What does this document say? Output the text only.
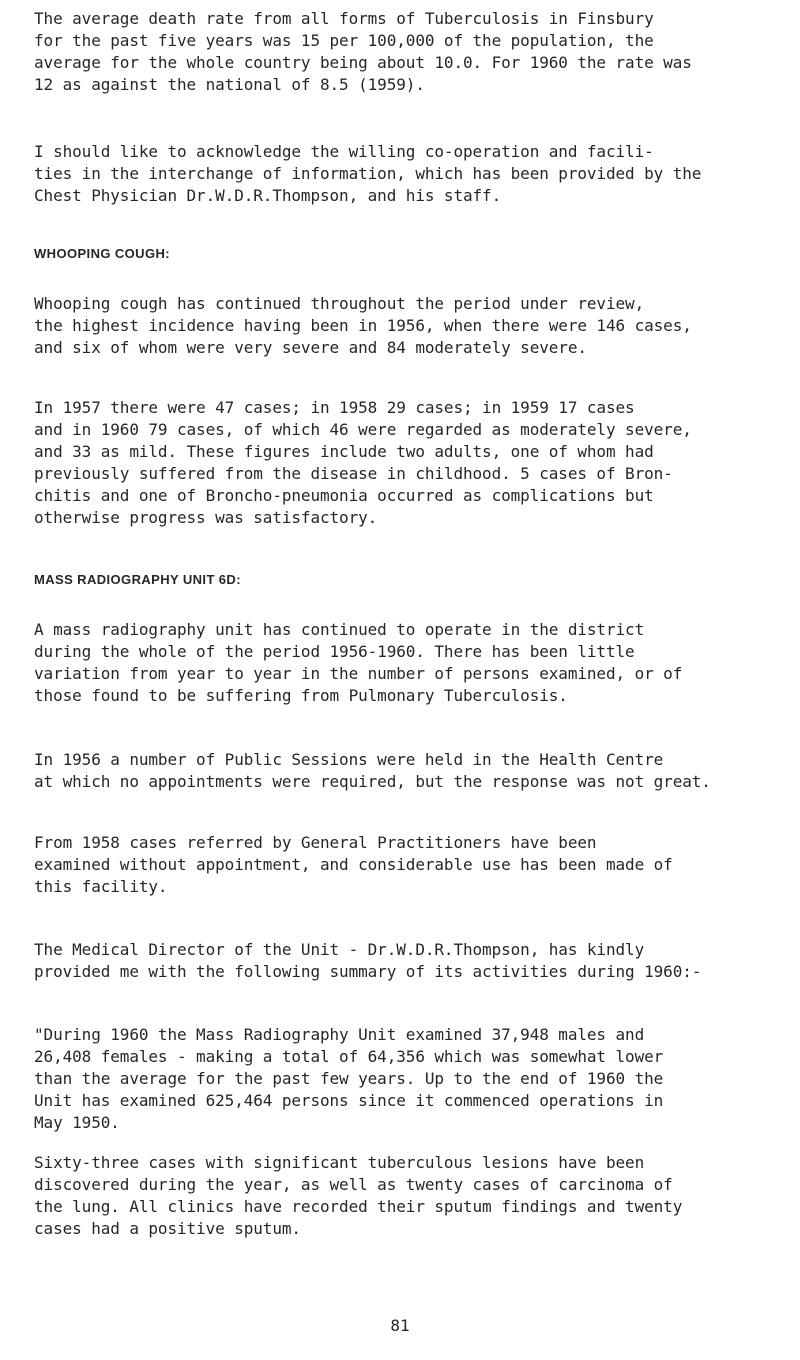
The average death rate from all forms of Tuberculosis in Finsbury
for the past five years was 15 per 100,000 of the population, the
average for the whole country being about 10.0. For 1960 the rate was
12 as against the national of 8.5 (1959).

I should like to acknowledge the willing co-operation and facili-
ties in the interchange of information, which has been provided by the
Chest Physician Dr.W.D.R.Thompson, and his staff.

WHOOPING COUGH:

Whooping cough has continued throughout the period under review,
the highest incidence having been in 1956, when there were 146 cases,
and six of whom were very severe and 84 moderately severe.

In 1957 there were 47 cases; in 1958 29 cases; in 1959 17 cases
and in 1960 79 cases, of which 46 were regarded as moderately severe,
and 33 as mild. These figures include two adults, one of whom had
previously suffered from the disease in childhood. 5 cases of Bron-
chitis and one of Broncho-pneumonia occurred as complications but
otherwise progress was satisfactory.

MASS RADIOGRAPHY UNIT 6D:

A mass radiography unit has continued to operate in the district
during the whole of the period 1956-1960. There has been little
variation from year to year in the number of persons examined, or of
those found to be suffering from Pulmonary Tuberculosis.

In 1956 a number of Public Sessions were held in the Health Centre
at which no appointments were required, but the response was not great.

From 1958 cases referred by General Practitioners have been
examined without appointment, and considerable use has been made of
this facility.

The Medical Director of the Unit - Dr.W.D.R.Thompson, has kindly
provided me with the following summary of its activities during 1960:-

"During 1960 the Mass Radiography Unit examined 37,948 males and
26,408 females - making a total of 64,356 which was somewhat lower
than the average for the past few years. Up to the end of 1960 the
Unit has examined 625,464 persons since it commenced operations in
May 1950.

Sixty-three cases with significant tuberculous lesions have been
discovered during the year, as well as twenty cases of carcinoma of
the lung. All clinics have recorded their sputum findings and twenty
cases had a positive sputum.

81
